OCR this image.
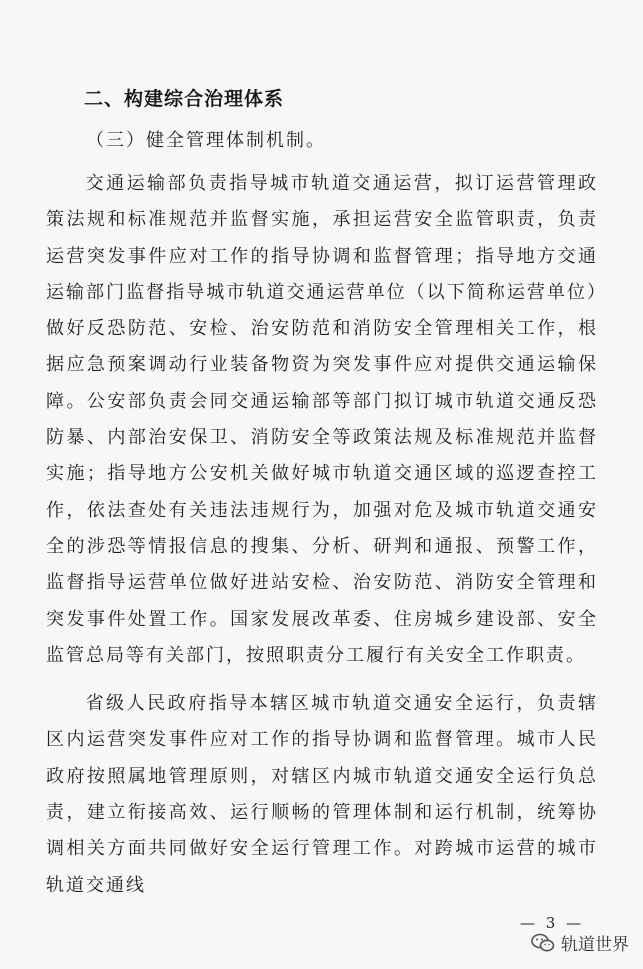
二、构建综合治理体系
（三）健全管理体制机制。

交通运输部负责指导城市轨道交通运营，拟订运营管理政策法规和标准规范并监督实施，承担运营安全监管职责，负责运营突发事件应对工作的指导协调和监督管理；指导地方交通运输部门监督指导城市轨道交通运营单位（以下简称运营单位）做好反恐防范、安检、治安防范和消防安全管理相关工作，根据应急预案调动行业装备物资为突发事件应对提供交通运输保障。公安部负责会同交通运输部等部门拟订城市轨道交通反恐防暴、内部治安保卫、消防安全等政策法规及标准规范并监督实施；指导地方公安机关做好城市轨道交通区域的巡逻查控工作，依法查处有关违法违规行为，加强对危及城市轨道交通安全的涉恐等情报信息的搜集、分析、研判和通报、预警工作，监督指导运营单位做好进站安检、治安防范、消防安全管理和突发事件处置工作。国家发展改革委、住房城乡建设部、安全监管总局等有关部门，按照职责分工履行有关安全工作职责。

省级人民政府指导本辖区城市轨道交通安全运行，负责辖区内运营突发事件应对工作的指导协调和监督管理。城市人民政府按照属地管理原则，对辖区内城市轨道交通安全运行负总责，建立衔接高效、运行顺畅的管理体制和运行机制，统筹协调相关方面共同做好安全运行管理工作。对跨城市运营的城市轨道交通线

— 3 —
轨道世界
